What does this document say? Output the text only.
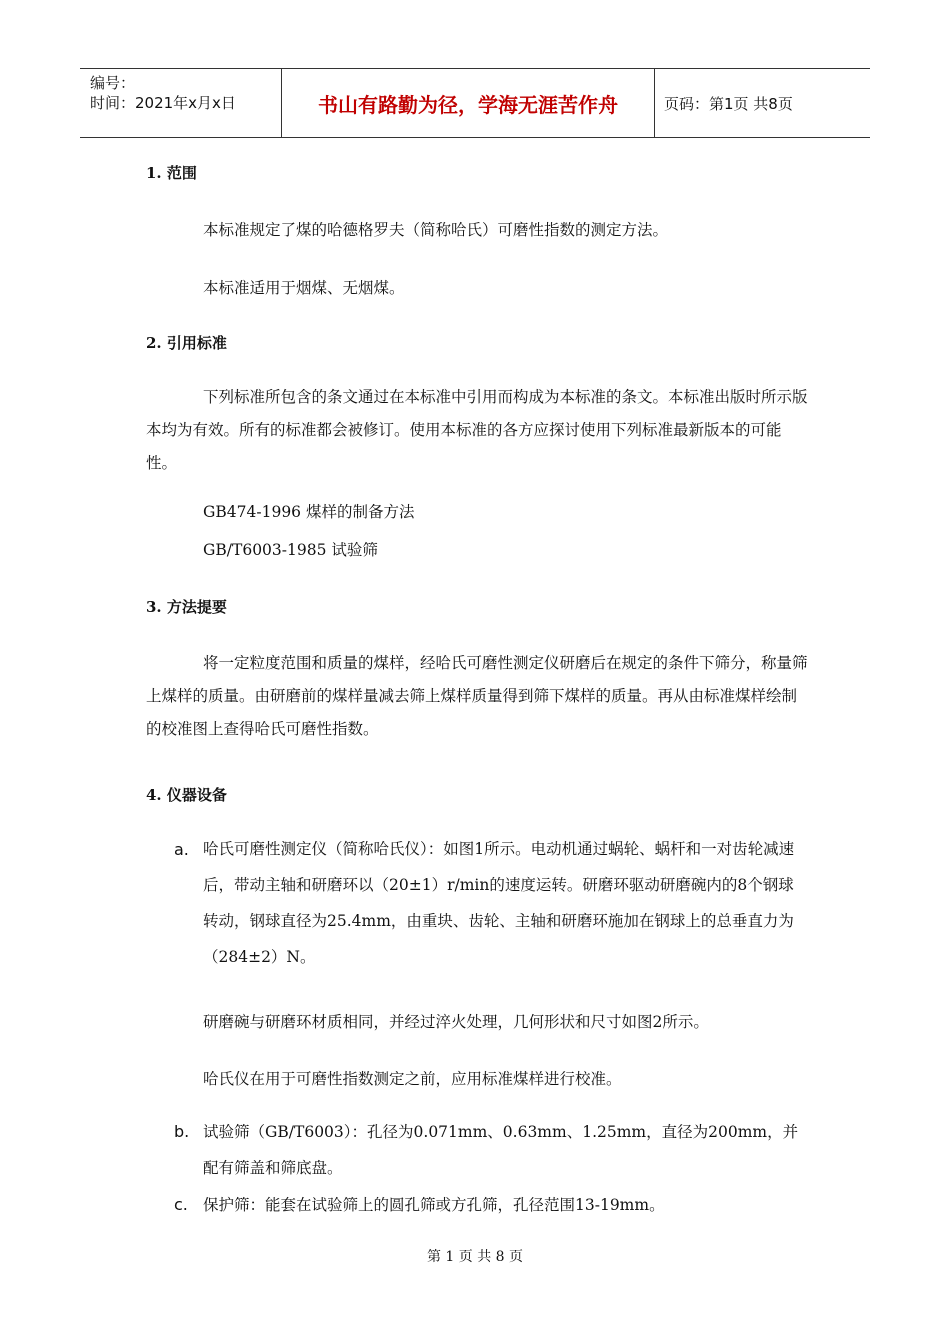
编号：
时间：2021年x月x日	书山有路勤为径，学海无涯苦作舟	页码：第1页 共8页
1. 范围
本标准规定了煤的哈德格罗夫（简称哈氏）可磨性指数的测定方法。
本标准适用于烟煤、无烟煤。
2. 引用标准
下列标准所包含的条文通过在本标准中引用而构成为本标准的条文。本标准出版时所示版本均为有效。所有的标准都会被修订。使用本标准的各方应探讨使用下列标准最新版本的可能性。
GB474-1996 煤样的制备方法
GB/T6003-1985 试验筛
3. 方法提要
将一定粒度范围和质量的煤样，经哈氏可磨性测定仪研磨后在规定的条件下筛分，称量筛上煤样的质量。由研磨前的煤样量减去筛上煤样质量得到筛下煤样的质量。再从由标准煤样绘制的校准图上查得哈氏可磨性指数。
4. 仪器设备
a. 哈氏可磨性测定仪（简称哈氏仪）：如图1所示。电动机通过蜗轮、蜗杆和一对齿轮减速后，带动主轴和研磨环以（20±1）r/min的速度运转。研磨环驱动研磨碗内的8个钢球转动，钢球直径为25.4mm，由重块、齿轮、主轴和研磨环施加在钢球上的总垂直力为（284±2）N。
研磨碗与研磨环材质相同，并经过淬火处理，几何形状和尺寸如图2所示。
哈氏仪在用于可磨性指数测定之前，应用标准煤样进行校准。
b. 试验筛（GB/T6003）：孔径为0.071mm、0.63mm、1.25mm，直径为200mm，并配有筛盖和筛底盘。
c. 保护筛：能套在试验筛上的圆孔筛或方孔筛，孔径范围13-19mm。
第 1 页 共 8 页
